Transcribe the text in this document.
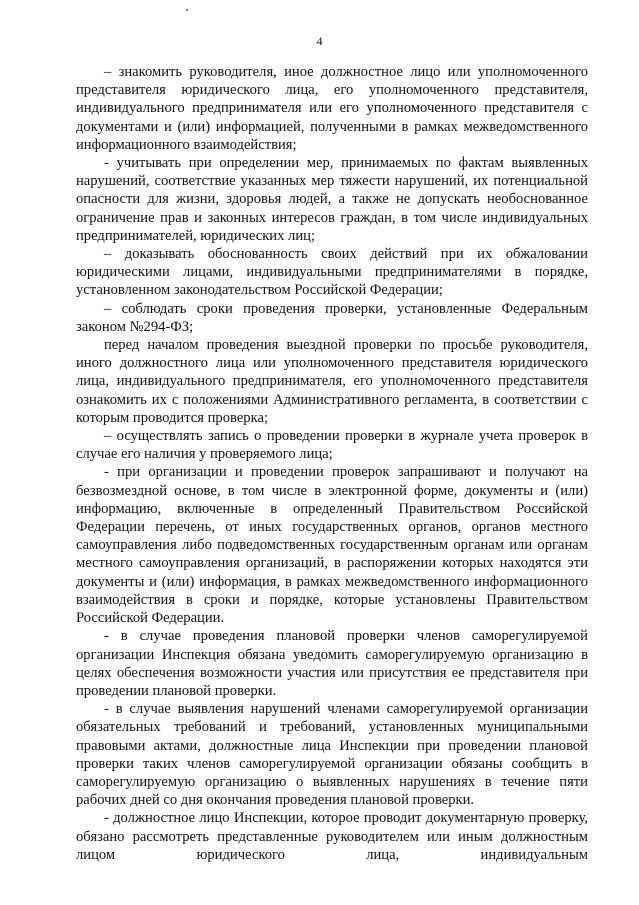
4

– знакомить руководителя, иное должностное лицо или уполномоченного представителя юридического лица, его уполномоченного представителя, индивидуального предпринимателя или его уполномоченного представителя с документами и (или) информацией, полученными в рамках межведомственного информационного взаимодействия;

- учитывать при определении мер, принимаемых по фактам выявленных нарушений, соответствие указанных мер тяжести нарушений, их потенциальной опасности для жизни, здоровья людей, а также не допускать необоснованное ограничение прав и законных интересов граждан, в том числе индивидуальных предпринимателей, юридических лиц;

– доказывать обоснованность своих действий при их обжаловании юридическими лицами, индивидуальными предпринимателями в порядке, установленном законодательством Российской Федерации;

– соблюдать сроки проведения проверки, установленные Федеральным законом №294-ФЗ;

перед началом проведения выездной проверки по просьбе руководителя, иного должностного лица или уполномоченного представителя юридического лица, индивидуального предпринимателя, его уполномоченного представителя ознакомить их с положениями Административного регламента, в соответствии с которым проводится проверка;

– осуществлять запись о проведении проверки в журнале учета проверок в случае его наличия у проверяемого лица;

- при организации и проведении проверок запрашивают и получают на безвозмездной основе, в том числе в электронной форме, документы и (или) информацию, включенные в определенный Правительством Российской Федерации перечень, от иных государственных органов, органов местного самоуправления либо подведомственных государственным органам или органам местного самоуправления организаций, в распоряжении которых находятся эти документы и (или) информация, в рамках межведомственного информационного взаимодействия в сроки и порядке, которые установлены Правительством Российской Федерации.

- в случае проведения плановой проверки членов саморегулируемой организации Инспекция обязана уведомить саморегулируемую организацию в целях обеспечения возможности участия или присутствия ее представителя при проведении плановой проверки.

- в случае выявления нарушений членами саморегулируемой организации обязательных требований и требований, установленных муниципальными правовыми актами, должностные лица Инспекции при проведении плановой проверки таких членов саморегулируемой организации обязаны сообщить в саморегулируемую организацию о выявленных нарушениях в течение пяти рабочих дней со дня окончания проведения плановой проверки.

- должностное лицо Инспекции, которое проводит документарную проверку, обязано рассмотреть представленные руководителем или иным должностным лицом юридического лица, индивидуальным
